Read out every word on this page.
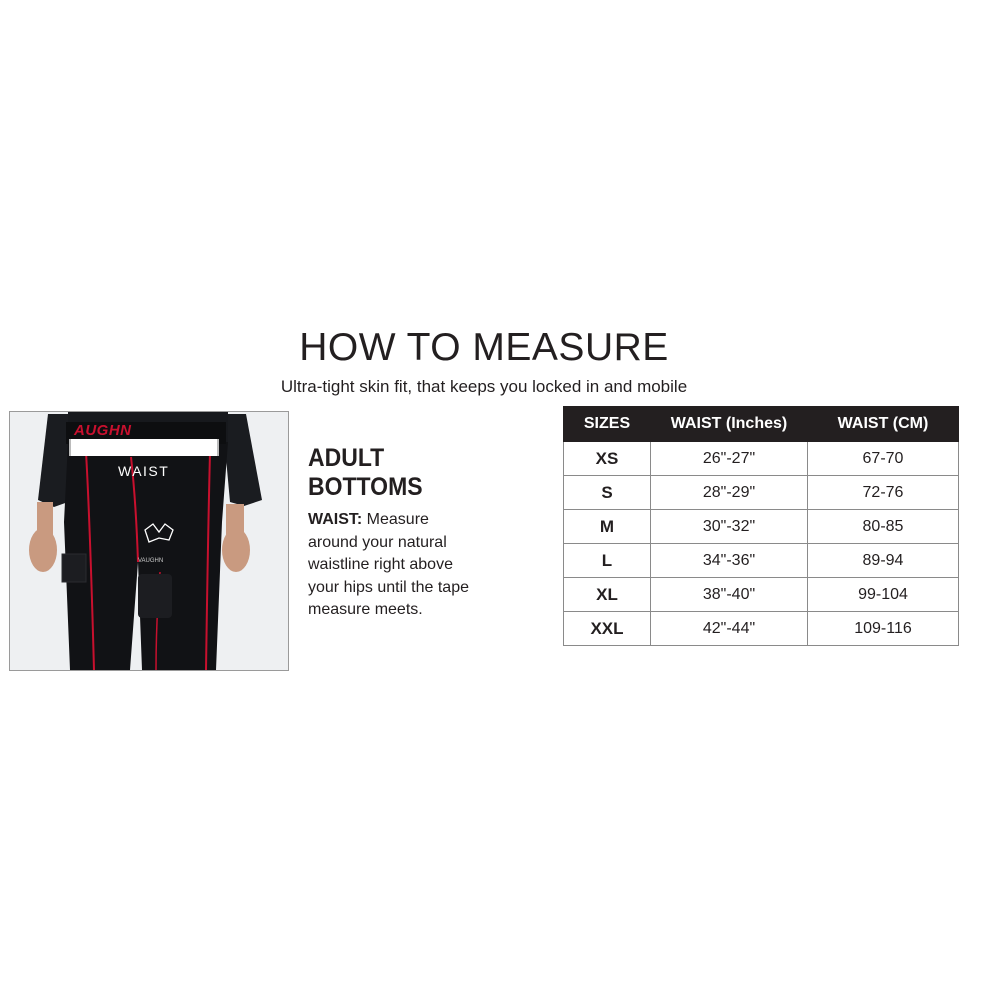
HOW TO MEASURE
Ultra-tight skin fit, that keeps you locked in and mobile
AUGHN
WAIST
VAUGHN
ADULT
BOTTOMS
WAIST: Measure around your natural waistline right above your hips until the tape measure meets.
SIZES	WAIST (Inches)	WAIST (CM)
XS	26"-27"	67-70
S	28"-29"	72-76
M	30"-32"	80-85
L	34"-36"	89-94
XL	38"-40"	99-104
XXL	42"-44"	109-116
